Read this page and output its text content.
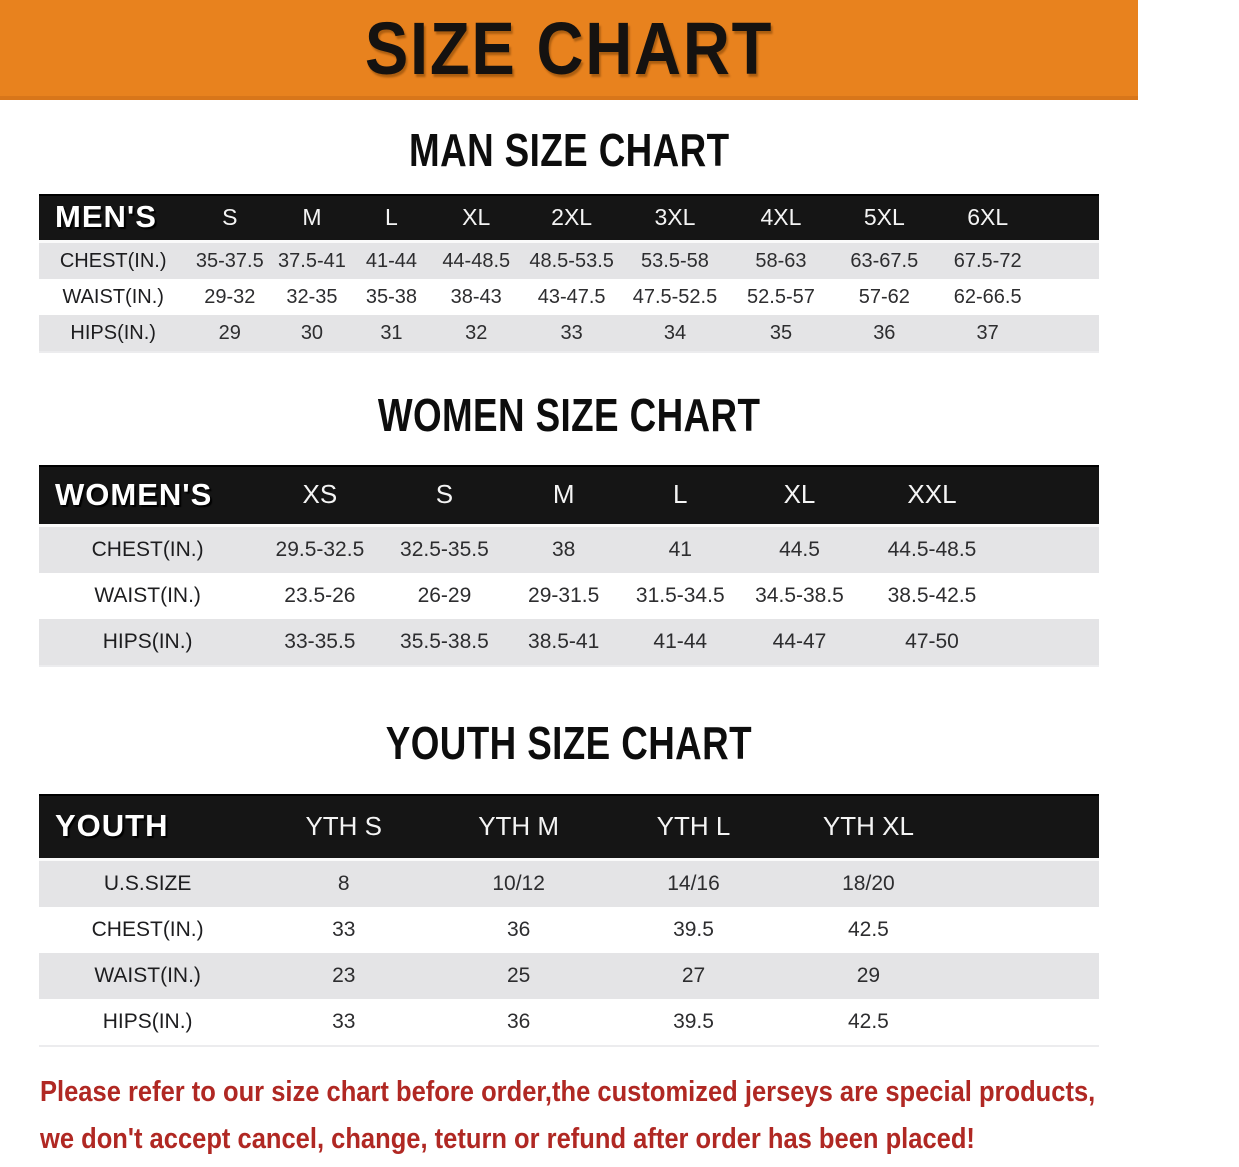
SIZE CHART
MAN SIZE CHART
MEN'S	S	M	L	XL	2XL	3XL	4XL	5XL	6XL	
CHEST(IN.)	35-37.5	37.5-41	41-44	44-48.5	48.5-53.5	53.5-58	58-63	63-67.5	67.5-72	
WAIST(IN.)	29-32	32-35	35-38	38-43	43-47.5	47.5-52.5	52.5-57	57-62	62-66.5	
HIPS(IN.)	29	30	31	32	33	34	35	36	37	
WOMEN SIZE CHART
WOMEN'S	XS	S	M	L	XL	XXL	
CHEST(IN.)	29.5-32.5	32.5-35.5	38	41	44.5	44.5-48.5	
WAIST(IN.)	23.5-26	26-29	29-31.5	31.5-34.5	34.5-38.5	38.5-42.5	
HIPS(IN.)	33-35.5	35.5-38.5	38.5-41	41-44	44-47	47-50	
YOUTH SIZE CHART
YOUTH	YTH S	YTH M	YTH L	YTH XL	
U.S.SIZE	8	10/12	14/16	18/20	
CHEST(IN.)	33	36	39.5	42.5	
WAIST(IN.)	23	25	27	29	
HIPS(IN.)	33	36	39.5	42.5	

Please refer to our size chart before order,the customized jerseys are special products,

we don't accept cancel, change, teturn or refund after order has been placed!
